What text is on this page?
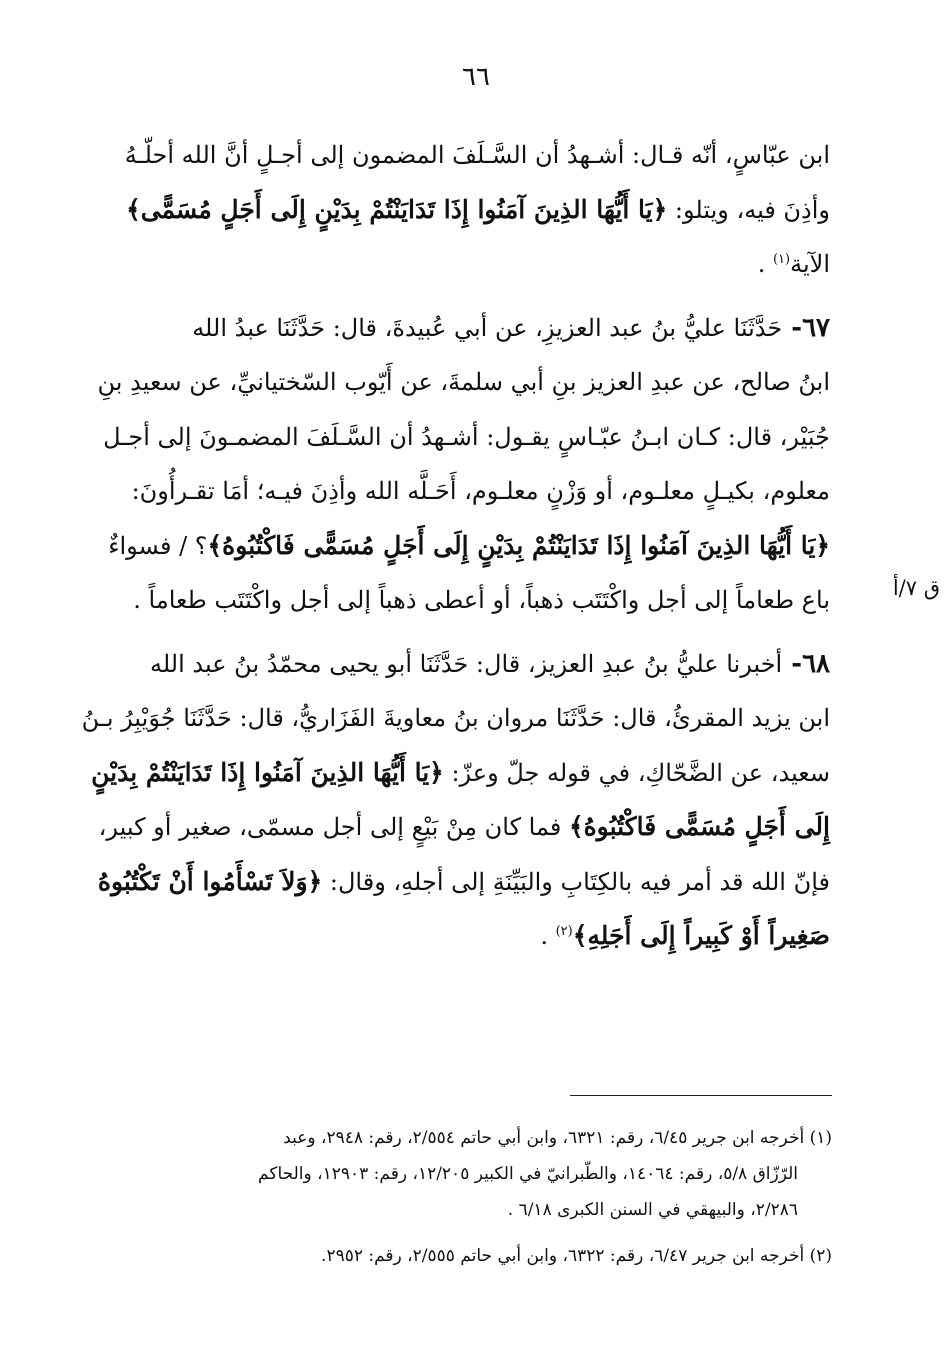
٦٦
ق ٧/أ
ابن عبّاسٍ، أنّه قـال: أشـهدُ أن السَّـلَفَ المضمون إلى أجـلٍ أنَّ الله أحلّـهُ
وأذِنَ فيه، ويتلو: ﴿يَا أَيُّهَا الذِينَ آمَنُوا إِذَا تَدَايَنْتُمْ بِدَيْنٍ إِلَى أَجَلٍ مُسَمًّى﴾
الآية$^{(١)}$ .
٦٧- حَدَّثَنَا عليُّ بنُ عبد العزيزِ، عن أبي عُبيدةَ، قال: حَدَّثَنَا عبدُ الله
ابنُ صالح، عن عبدِ العزيز بنِ أبي سلمةَ، عن أَيّوب السّختيانيِّ، عن سعيدِ بنِ
جُبَيْر، قال: كـان ابـنُ عبّـاسٍ يقـول: أشـهدُ أن السَّـلَفَ المضمـونَ إلى أجـل
معلوم، بكيـلٍ معلـوم، أو وَزْنٍ معلـوم، أَحَـلَّه الله وأذِنَ فيـه؛ أمَا تقـرأُونَ:
﴿يَا أَيُّهَا الذِينَ آمَنُوا إِذَا تَدَايَنْتُمْ بِدَيْنٍ إِلَى أَجَلٍ مُسَمًّى فَاكْتُبُوهُ﴾؟ / فسواءٌ
باع طعاماً إلى أجل واكْتَتَب ذهباً، أو أعطى ذهباً إلى أجل واكْتَتَب طعاماً .
٦٨- أخبرنا عليُّ بنُ عبدِ العزيز، قال: حَدَّثَنَا أبو يحيى محمّدُ بنُ عبد الله
ابن يزيد المقرئُ، قال: حَدَّثَنَا مروان بنُ معاويةَ الفَزَاريُّ، قال: حَدَّثَنَا جُوَيْبِرُ بـنُ
سعيد، عن الضَّحّاكِ، في قوله جلّ وعزّ: ﴿يَا أَيُّهَا الذِينَ آمَنُوا إِذَا تَدَايَنْتُمْ بِدَيْنٍ
إِلَى أَجَلٍ مُسَمًّى فَاكْتُبُوهُ﴾ فما كان مِنْ بَيْعٍ إلى أجل مسمّى، صغير أو كبير،
فإنّ الله قد أمر فيه بالكِتَابِ والبَيِّنَةِ إلى أجلهِ، وقال: ﴿وَلاَ تَسْأَمُوا أَنْ تَكْتُبُوهُ
صَغِيراً أَوْ كَبِيراً إِلَى أَجَلِهِ﴾$^{(٢)}$ .
(١) أخرجه ابن جرير ٦/٤٥، رقم: ٦٣٢١، وابن أبي حاتم ٢/٥٥٤، رقم: ٢٩٤٨، وعبد
الرّزّاق ٥/٨، رقم: ١٤٠٦٤، والطّبرانيّ في الكبير ١٢/٢٠٥، رقم: ١٢٩٠٣، والحاكم
٢/٢٨٦، والبيهقي في السنن الكبرى ٦/١٨ .
(٢) أخرجه ابن جرير ٦/٤٧، رقم: ٦٣٢٢، وابن أبي حاتم ٢/٥٥٥، رقم: ٢٩٥٢.
